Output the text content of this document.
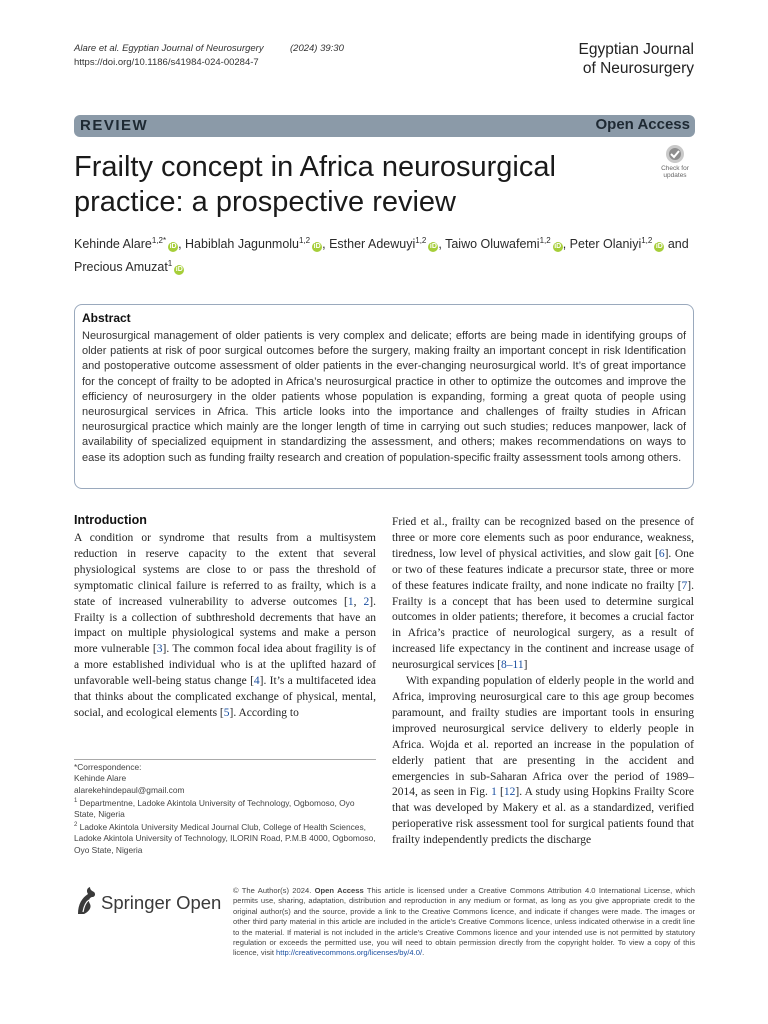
Alare et al. Egyptian Journal of Neurosurgery	(2024) 39:30
https://doi.org/10.1186/s41984-024-00284-7
Egyptian Journal
of Neurosurgery
REVIEW	Open Access
Frailty concept in Africa neurosurgical practice: a prospective review
Check for
updates
Kehinde Alare$^{1,2*}$iD , Habiblah Jagunmolu$^{1,2}$iD , Esther Adewuyi$^{1,2}$iD , Taiwo Oluwafemi$^{1,2}$iD , Peter Olaniyi$^{1,2}$iD and
Precious Amuzat$^1$iD
Abstract
Neurosurgical management of older patients is very complex and delicate; efforts are being made in identifying groups of older patients at risk of poor surgical outcomes before the surgery, making frailty an important concept in risk Identification and postoperative outcome assessment of older patients in the ever-changing neurosurgical world. It’s of great importance for the concept of frailty to be adopted in Africa’s neurosurgical practice in other to optimize the outcomes and improve the efficiency of neurosurgery in the older patients whose population is expanding, forming a great quota of people using neurosurgical services in Africa. This article looks into the importance and challenges of frailty studies in African neurosurgical practice which mainly are the longer length of time in carrying out such studies; reduces manpower, lack of availability of specialized equipment in standardizing the assessment, and others; makes recommendations on ways to ease its adoption such as funding frailty research and creation of population-specific frailty assessment tools among others.
Introduction
A condition or syndrome that results from a multisystem reduction in reserve capacity to the extent that several physiological systems are close to or pass the threshold of symptomatic clinical failure is referred to as frailty, which is a state of increased vulnerability to adverse outcomes [1, 2]. Frailty is a collection of subthreshold decrements that have an impact on multiple physiological systems and make a person more vulnerable [3]. The common focal idea about fragility is of a more established individual who is at the uplifted hazard of unfavorable well-being status change [4]. It’s a multifaceted idea that thinks about the complicated exchange of physical, mental, social, and ecological elements [5]. According to
Fried et al., frailty can be recognized based on the presence of three or more core elements such as poor endurance, weakness, tiredness, low level of physical activities, and slow gait [6]. One or two of these features indicate a precursor state, three or more of these features indicate frailty, and none indicate no frailty [7]. Frailty is a concept that has been used to determine surgical outcomes in older patients; therefore, it becomes a crucial factor in Africa’s practice of neurological surgery, as a result of increased life expectancy in the continent and increase usage of neurosurgical services [8–11]
With expanding population of elderly people in the world and Africa, improving neurosurgical care to this age group becomes paramount, and frailty studies are important tools in ensuring improved neurosurgical service delivery to elderly people in Africa. Wojda et al. reported an increase in the population of elderly patient that are presenting in the accident and emergencies in sub-Saharan Africa over the period of 1989–2014, as seen in Fig. 1 [12]. A study using Hopkins Frailty Score that was developed by Makery et al. as a standardized, verified perioperative risk assessment tool for surgical patients found that frailty independently predicts the discharge
*Correspondence:
Kehinde Alare
alarekehindepaul@gmail.com
$^1$ Departmentne, Ladoke Akintola University of Technology, Ogbomoso, Oyo State, Nigeria
$^2$ Ladoke Akintola University Medical Journal Club, College of Health Sciences, Ladoke Akintola University of Technology, ILORIN Road, P.M.B 4000, Ogbomoso, Oyo State, Nigeria
Springer Open
© The Author(s) 2024. Open Access This article is licensed under a Creative Commons Attribution 4.0 International License, which permits use, sharing, adaptation, distribution and reproduction in any medium or format, as long as you give appropriate credit to the original author(s) and the source, provide a link to the Creative Commons licence, and indicate if changes were made. The images or other third party material in this article are included in the article’s Creative Commons licence, unless indicated otherwise in a credit line to the material. If material is not included in the article’s Creative Commons licence and your intended use is not permitted by statutory regulation or exceeds the permitted use, you will need to obtain permission directly from the copyright holder. To view a copy of this licence, visit http://creativecommons.org/licenses/by/4.0/.
